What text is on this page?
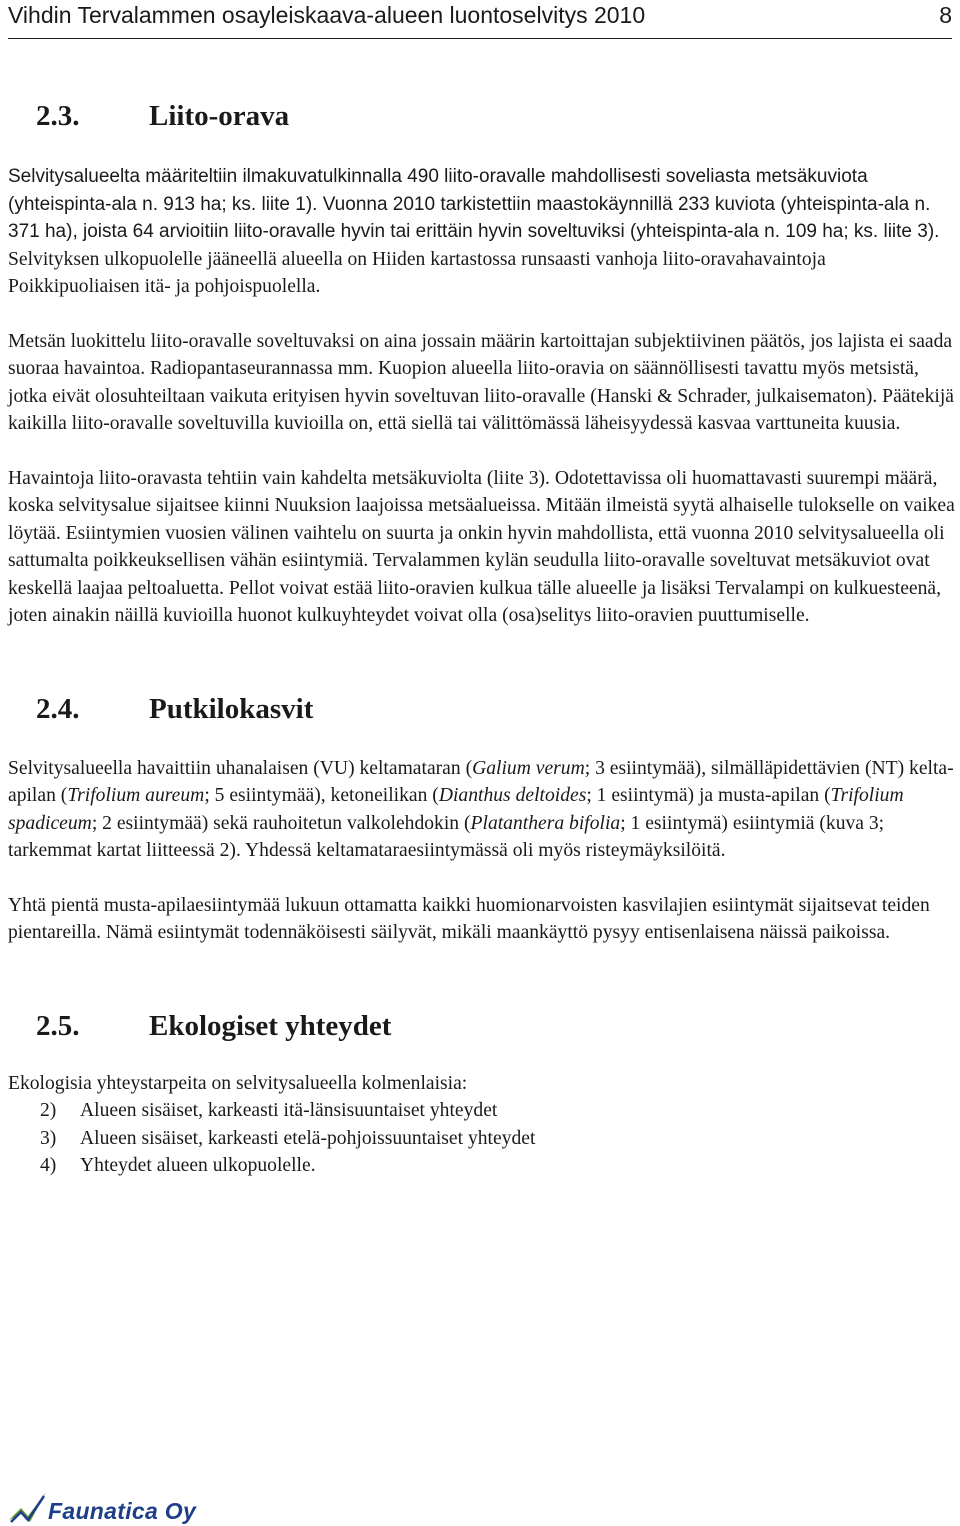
Vihdin Tervalammen osayleiskaava-alueen luontoselvitys 2010	8
2.3.	Liito-orava

Selvitysalueelta määriteltiin ilmakuvatulkinnalla 490 liito-oravalle mahdollisesti soveliasta metsäkuviota (yhteispinta-ala n. 913 ha; ks. liite 1). Vuonna 2010 tarkistettiin maastokäynnillä 233 kuviota (yhteispinta-ala n. 371 ha), joista 64 arvioitiin liito-oravalle hyvin tai erittäin hyvin soveltuviksi (yhteispinta-ala n. 109 ha; ks. liite 3). Selvityksen ulkopuolelle jääneellä alueella on Hiiden kartastossa runsaasti vanhoja liito-oravahavaintoja Poikkipuoliaisen itä- ja pohjoispuolella.

Metsän luokittelu liito-oravalle soveltuvaksi on aina jossain määrin kartoittajan subjektiivinen päätös, jos lajista ei saada suoraa havaintoa. Radiopantaseurannassa mm. Kuopion alueella liito-oravia on säännöllisesti tavattu myös metsistä, jotka eivät olosuhteiltaan vaikuta erityisen hyvin soveltuvan liito-oravalle (Hanski & Schrader, julkaisematon). Päätekijä kaikilla liito-oravalle soveltuvilla kuvioilla on, että siellä tai välittömässä läheisyydessä kasvaa varttuneita kuusia.

Havaintoja liito-oravasta tehtiin vain kahdelta metsäkuviolta (liite 3). Odotettavissa oli huomattavasti suurempi määrä, koska selvitysalue sijaitsee kiinni Nuuksion laajoissa metsäalueissa. Mitään ilmeistä syytä alhaiselle tulokselle on vaikea löytää. Esiintymien vuosien välinen vaihtelu on suurta ja onkin hyvin mahdollista, että vuonna 2010 selvitysalueella oli sattumalta poikkeuksellisen vähän esiintymiä. Tervalammen kylän seudulla liito-oravalle soveltuvat metsäkuviot ovat keskellä laajaa peltoaluetta. Pellot voivat estää liito-oravien kulkua tälle alueelle ja lisäksi Tervalampi on kulkuesteenä, joten ainakin näillä kuvioilla huonot kulkuyhteydet voivat olla (osa)selitys liito-oravien puuttumiselle.

2.4.	Putkilokasvit

Selvitysalueella havaittiin uhanalaisen (VU) keltamataran (Galium verum; 3 esiintymää), silmälläpidettävien (NT) kelta-apilan (Trifolium aureum; 5 esiintymää), ketoneilikan (Dianthus deltoides; 1 esiintymä) ja musta-apilan (Trifolium spadiceum; 2 esiintymää) sekä rauhoitetun valkolehdokin (Platanthera bifolia; 1 esiintymä) esiintymiä (kuva 3; tarkemmat kartat liitteessä 2). Yhdessä keltamataraesiintymässä oli myös risteymäyksilöitä.

Yhtä pientä musta-apilaesiintymää lukuun ottamatta kaikki huomionarvoisten kasvilajien esiintymät sijaitsevat teiden pientareilla. Nämä esiintymät todennäköisesti säilyvät, mikäli maankäyttö pysyy entisenlaisena näissä paikoissa.

2.5.	Ekologiset yhteydet

Ekologisia yhteystarpeita on selvitysalueella kolmenlaisia:

2)	Alueen sisäiset, karkeasti itä-länsisuuntaiset yhteydet
3)	Alueen sisäiset, karkeasti etelä-pohjoissuuntaiset yhteydet
4)	Yhteydet alueen ulkopuolelle.
Faunatica Oy
